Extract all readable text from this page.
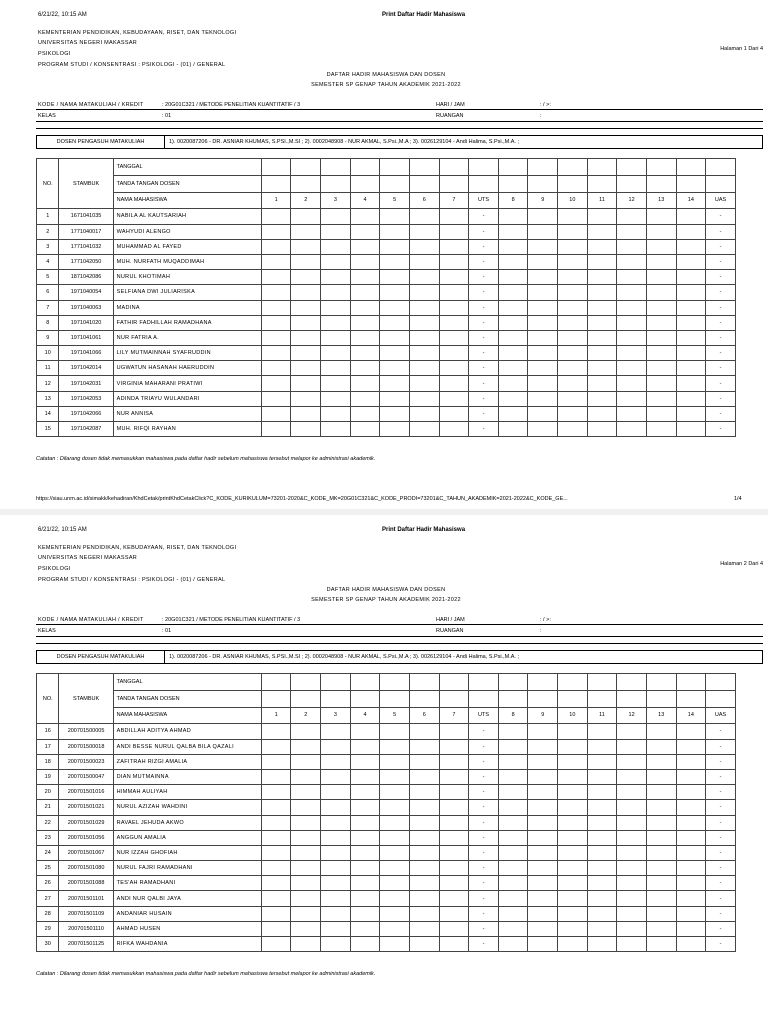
6/21/22, 10:15 AM	Print Daftar Hadir Mahasiswa
KEMENTERIAN PENDIDIKAN, KEBUDAYAAN, RISET, DAN TEKNOLOGI
UNIVERSITAS NEGERI MAKASSAR
PSIKOLOGI
PROGRAM STUDI / KONSENTRASI : PSIKOLOGI - (01) / GENERAL
Halaman 1 Dari 4
DAFTAR HADIR MAHASISWA DAN DOSEN
SEMESTER SP GENAP TAHUN AKADEMIK 2021-2022
KODE / NAMA MATAKULIAH / KREDIT	: 20G01C321 / METODE PENELITIAN KUANTITATIF / 3	HARI / JAM	: / >:
KELAS	: 01	RUANGAN	:
DOSEN PENGASUH MATAKULIAH	1). 0020087206 - DR. ASNIAR KHUMAS, S.PSI.,M.SI ; 2). 0002048908 - NUR AKMAL, S.Psi.,M.A ; 3). 0026129104 - Andi Halima, S.Psi.,M.A. ;
NO.	STAMBUK	TANGGAL																
		TANDA TANGAN DOSEN																
		NAMA MAHASISWA	1	2	3	4	5	6	7	UTS	8	9	10	11	12	13	14	UAS
1	1671041035	NABILA AL KAUTSARIAH								-								-
2	1771040017	WAHYUDI ALENGO								-								-
3	1771041032	MUHAMMAD AL FAYED								-								-
4	1771042050	MUH. NURFATH MUQADDIMAH								-								-
5	1871042086	NURUL KHOTIMAH								-								-
6	1971040054	SELFIANA DWI JULIARISKA								-								-
7	1971040063	MADINA								-								-
8	1971041020	FATHIR FADHILLAH RAMADHANA								-								-
9	1971041061	NUR FATRIA A.								-								-
10	1971041066	LILY MUTMAINNAH SYAFRUDDIN								-								-
11	1971042014	UGWATUN HASANAH HAERUDDIN								-								-
12	1971042031	VIRGINIA MAHARANI PRATIWI								-								-
13	1971042053	ADINDA TRIAYU WULANDARI								-								-
14	1971042066	NUR ANNISA								-								-
15	1971042087	MUH. RIFQI RAYHAN								-								-
Catatan : Dilarang dosen tidak memasukkan mahasiswa pada daftar hadir sebelum mahasiswa tersebut melapor ke administrasi akademik.
https://siau.unm.ac.id/simakk/kehadiran/KhdCetak/printKhdCetakClick?C_KODE_KURIKULUM=73201-2020&C_KODE_MK=20G01C321&C_KODE_PRODI=73201&C_TAHUN_AKADEMIK=2021-2022&C_KODE_GE...	1/4
6/21/22, 10:15 AM	Print Daftar Hadir Mahasiswa
KEMENTERIAN PENDIDIKAN, KEBUDAYAAN, RISET, DAN TEKNOLOGI
UNIVERSITAS NEGERI MAKASSAR
PSIKOLOGI
PROGRAM STUDI / KONSENTRASI : PSIKOLOGI - (01) / GENERAL
Halaman 2 Dari 4
DAFTAR HADIR MAHASISWA DAN DOSEN
SEMESTER SP GENAP TAHUN AKADEMIK 2021-2022
KODE / NAMA MATAKULIAH / KREDIT	: 20G01C321 / METODE PENELITIAN KUANTITATIF / 3	HARI / JAM	: / >:
KELAS	: 01	RUANGAN	:
DOSEN PENGASUH MATAKULIAH	1). 0020087206 - DR. ASNIAR KHUMAS, S.PSI.,M.SI ; 2). 0002048908 - NUR AKMAL, S.Psi.,M.A ; 3). 0026129104 - Andi Halima, S.Psi.,M.A. ;
NO.	STAMBUK	TANGGAL																
		TANDA TANGAN DOSEN																
		NAMA MAHASISWA	1	2	3	4	5	6	7	UTS	8	9	10	11	12	13	14	UAS
16	200701500005	ABDILLAH ADITYA AHMAD								-								-
17	200701500018	ANDI BESSE NURUL QALBA BILA QAZALI								-								-
18	200701500023	ZAFITRAH RIZGI AMALIA								-								-
19	200701500047	DIAN MUTMAINNA								-								-
20	200701501016	HIMMAH AULIYAH								-								-
21	200701501021	NURUL AZIZAH WAHDINI								-								-
22	200701501029	RAVAEL JEHUDA AKWO								-								-
23	200701501056	ANGGUN AMALIA								-								-
24	200701501067	NUR IZZAH GHOFIAH								-								-
25	200701501080	NURUL FAJRI RAMADHANI								-								-
26	200701501088	TES'AH RAMADHANI								-								-
27	200701501101	ANDI NUR QALBI JAYA								-								-
28	200701501109	ANDANIAR HUSAIN								-								-
29	200701501110	AHMAD HUSEN								-								-
30	200701501125	RIFKA WAHDANIA								-								-
Catatan : Dilarang dosen tidak memasukkan mahasiswa pada daftar hadir sebelum mahasiswa tersebut melapor ke administrasi akademik.
